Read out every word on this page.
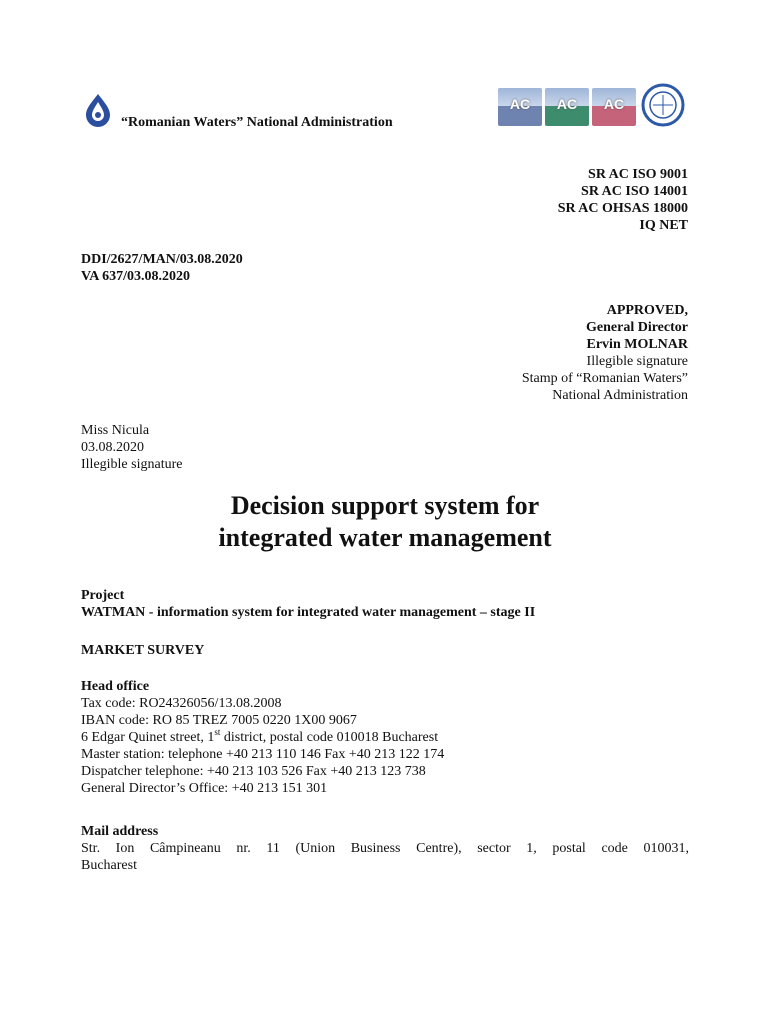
“Romanian Waters” National Administration
AC	AC	AC
SR AC ISO 9001
SR AC ISO 14001
SR AC OHSAS 18000
IQ NET
DDI/2627/MAN/03.08.2020
VA 637/03.08.2020
APPROVED,
General Director
Ervin MOLNAR
Illegible signature
Stamp of “Romanian Waters”
National Administration
Miss Nicula
03.08.2020
Illegible signature
Decision support system for
integrated water management
Project
WATMAN - information system for integrated water management – stage II
MARKET SURVEY
Head office
Tax code: RO24326056/13.08.2008
IBAN code: RO 85 TREZ 7005 0220 1X00 9067
6 Edgar Quinet street, 1st district, postal code 010018 Bucharest
Master station: telephone +40 213 110 146 Fax +40 213 122 174
Dispatcher telephone: +40 213 103 526 Fax +40 213 123 738
General Director’s Office: +40 213 151 301
Mail address
Str. Ion Câmpineanu nr. 11 (Union Business Centre), sector 1, postal code 010031,
Bucharest
